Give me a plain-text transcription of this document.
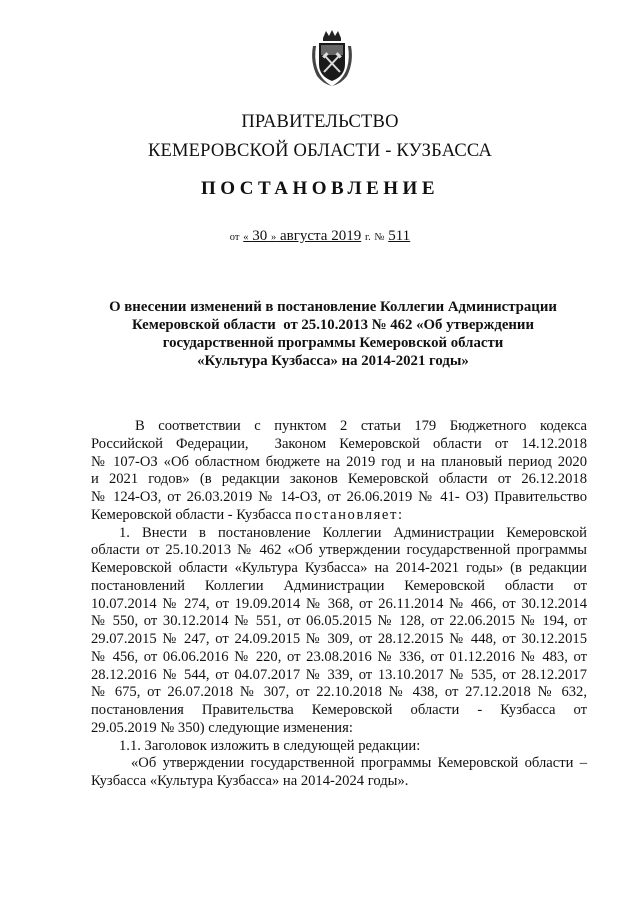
ПРАВИТЕЛЬСТВО
КЕМЕРОВСКОЙ ОБЛАСТИ - КУЗБАССА
ПОСТАНОВЛЕНИЕ
от « 30 » августа 2019 г. № 511
О внесении изменений в постановление Коллегии Администрации
Кемеровской области  от 25.10.2013 № 462 «Об утверждении
государственной программы Кемеровской области
«Культура Кузбасса» на 2014-2021 годы»

В соответствии с пунктом 2 статьи 179 Бюджетного кодекса

Российской Федерации,  Законом Кемеровской области от 14.12.2018

№ 107-ОЗ «Об областном бюджете на 2019 год и на плановый период 2020

и 2021 годов» (в редакции законов Кемеровской области от 26.12.2018

№ 124-ОЗ, от 26.03.2019 № 14-ОЗ, от 26.06.2019 № 41- ОЗ) Правительство

Кемеровской области - Кузбасса постановляет:

1. Внести в постановление Коллегии Администрации Кемеровской

области от 25.10.2013 № 462 «Об утверждении государственной программы

Кемеровской области «Культура Кузбасса» на 2014-2021 годы» (в редакции

постановлений Коллегии Администрации Кемеровской области от

10.07.2014 № 274, от 19.09.2014 № 368, от 26.11.2014 № 466, от 30.12.2014

№ 550, от 30.12.2014 № 551, от 06.05.2015 № 128, от 22.06.2015 № 194, от

29.07.2015 № 247, от 24.09.2015 № 309, от 28.12.2015 № 448, от 30.12.2015

№ 456, от 06.06.2016 № 220, от 23.08.2016 № 336, от 01.12.2016 № 483, от

28.12.2016 № 544, от 04.07.2017 № 339, от 13.10.2017 № 535, от 28.12.2017

№ 675, от 26.07.2018 № 307, от 22.10.2018 № 438, от 27.12.2018 № 632,

постановления Правительства Кемеровской области - Кузбасса от

29.05.2019 № 350) следующие изменения:

1.1. Заголовок изложить в следующей редакции:

«Об утверждении государственной программы Кемеровской области –

Кузбасса «Культура Кузбасса» на 2014-2024 годы».
